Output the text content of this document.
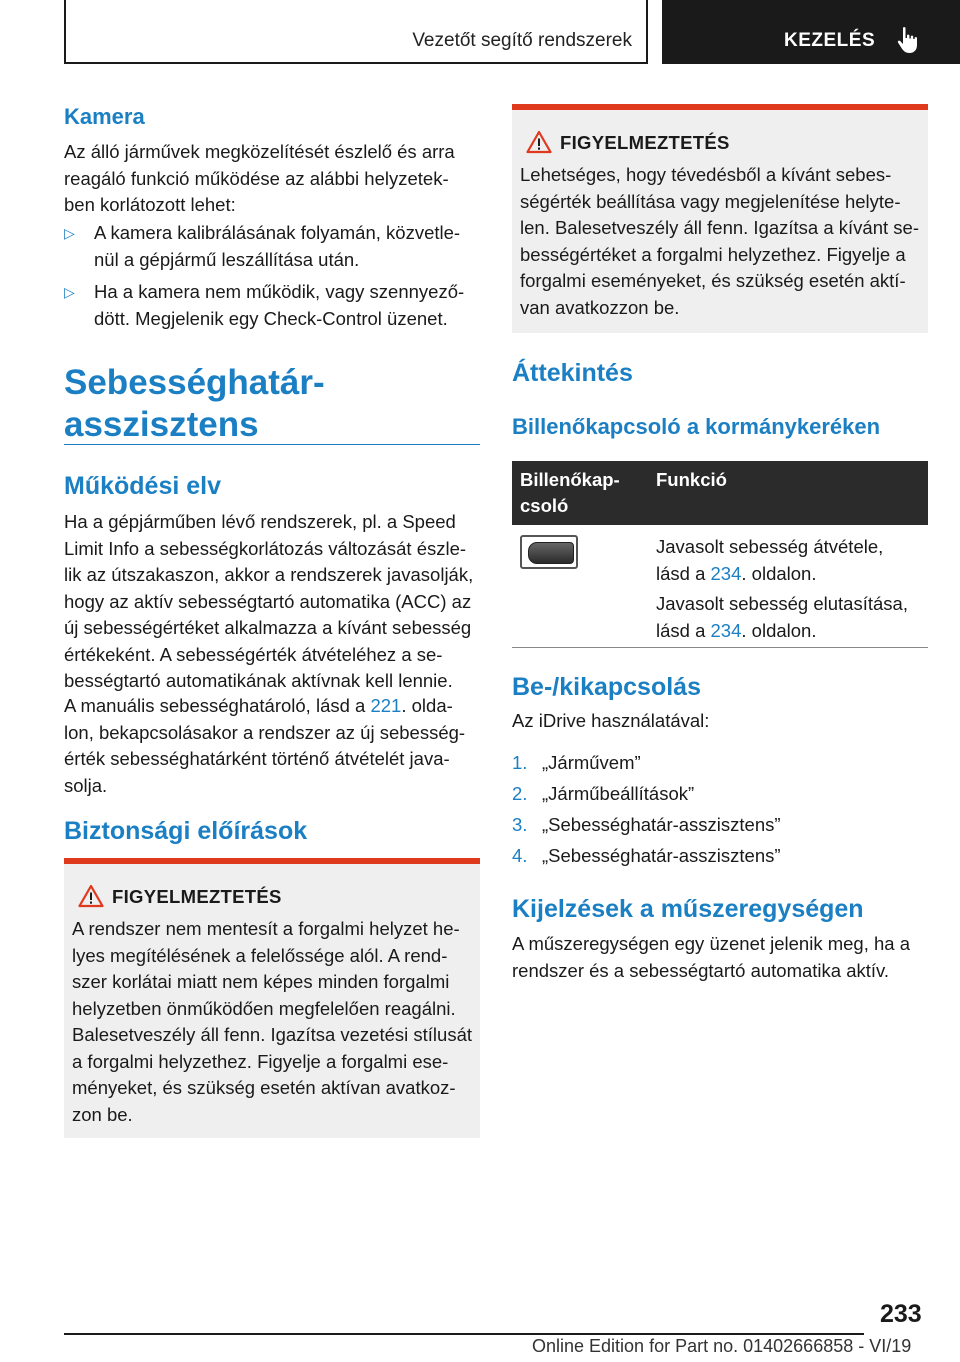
Vezetőt segítő rendszerek	KEZELÉS
Kamera
Az álló járművek megközelítését észlelő és arra
reagáló funkció működése az alábbi helyzetek-
ben korlátozott lehet:
▷ A kamera kalibrálásának folyamán, közvetle-
nül a gépjármű leszállítása után.
▷ Ha a kamera nem működik, vagy szennyező-
dött. Megjelenik egy Check-Control üzenet.
Sebességhatár-
asszisztens
Működési elv
Ha a gépjárműben lévő rendszerek, pl. a Speed
Limit Info a sebességkorlátozás változását észle-
lik az útszakaszon, akkor a rendszerek javasolják,
hogy az aktív sebességtartó automatika (ACC) az
új sebességértéket alkalmazza a kívánt sebesség
értékeként. A sebességérték átvételéhez a se-
bességtartó automatikának aktívnak kell lennie.
A manuális sebességhatároló, lásd a 221. olda-
lon, bekapcsolásakor a rendszer az új sebesség-
érték sebességhatárként történő átvételét java-
solja.
Biztonsági előírások
FIGYELMEZTETÉS
A rendszer nem mentesít a forgalmi helyzet he-
lyes megítélésének a felelőssége alól. A rend-
szer korlátai miatt nem képes minden forgalmi
helyzetben önműködően megfelelően reagálni.
Balesetveszély áll fenn. Igazítsa vezetési stílusát
a forgalmi helyzethez. Figyelje a forgalmi ese-
ményeket, és szükség esetén aktívan avatkoz-
zon be.
FIGYELMEZTETÉS
Lehetséges, hogy tévedésből a kívánt sebes-
ségérték beállítása vagy megjelenítése helyte-
len. Balesetveszély áll fenn. Igazítsa a kívánt se-
bességértéket a forgalmi helyzethez. Figyelje a
forgalmi eseményeket, és szükség esetén aktí-
van avatkozzon be.
Áttekintés
Billenőkapcsoló a kormánykeréken
Billenőkap-
csoló
Funkció
Javasolt sebesség átvétele,
lásd a 234. oldalon.
Javasolt sebesség elutasítása,
lásd a 234. oldalon.
Be-/kikapcsolás
Az iDrive használatával:
1. „Járművem”
2. „Járműbeállítások”
3. „Sebességhatár-asszisztens”
4. „Sebességhatár-asszisztens”
Kijelzések a műszeregységen
A műszeregységen egy üzenet jelenik meg, ha a
rendszer és a sebességtartó automatika aktív.
233
Online Edition for Part no. 01402666858 - VI/19
